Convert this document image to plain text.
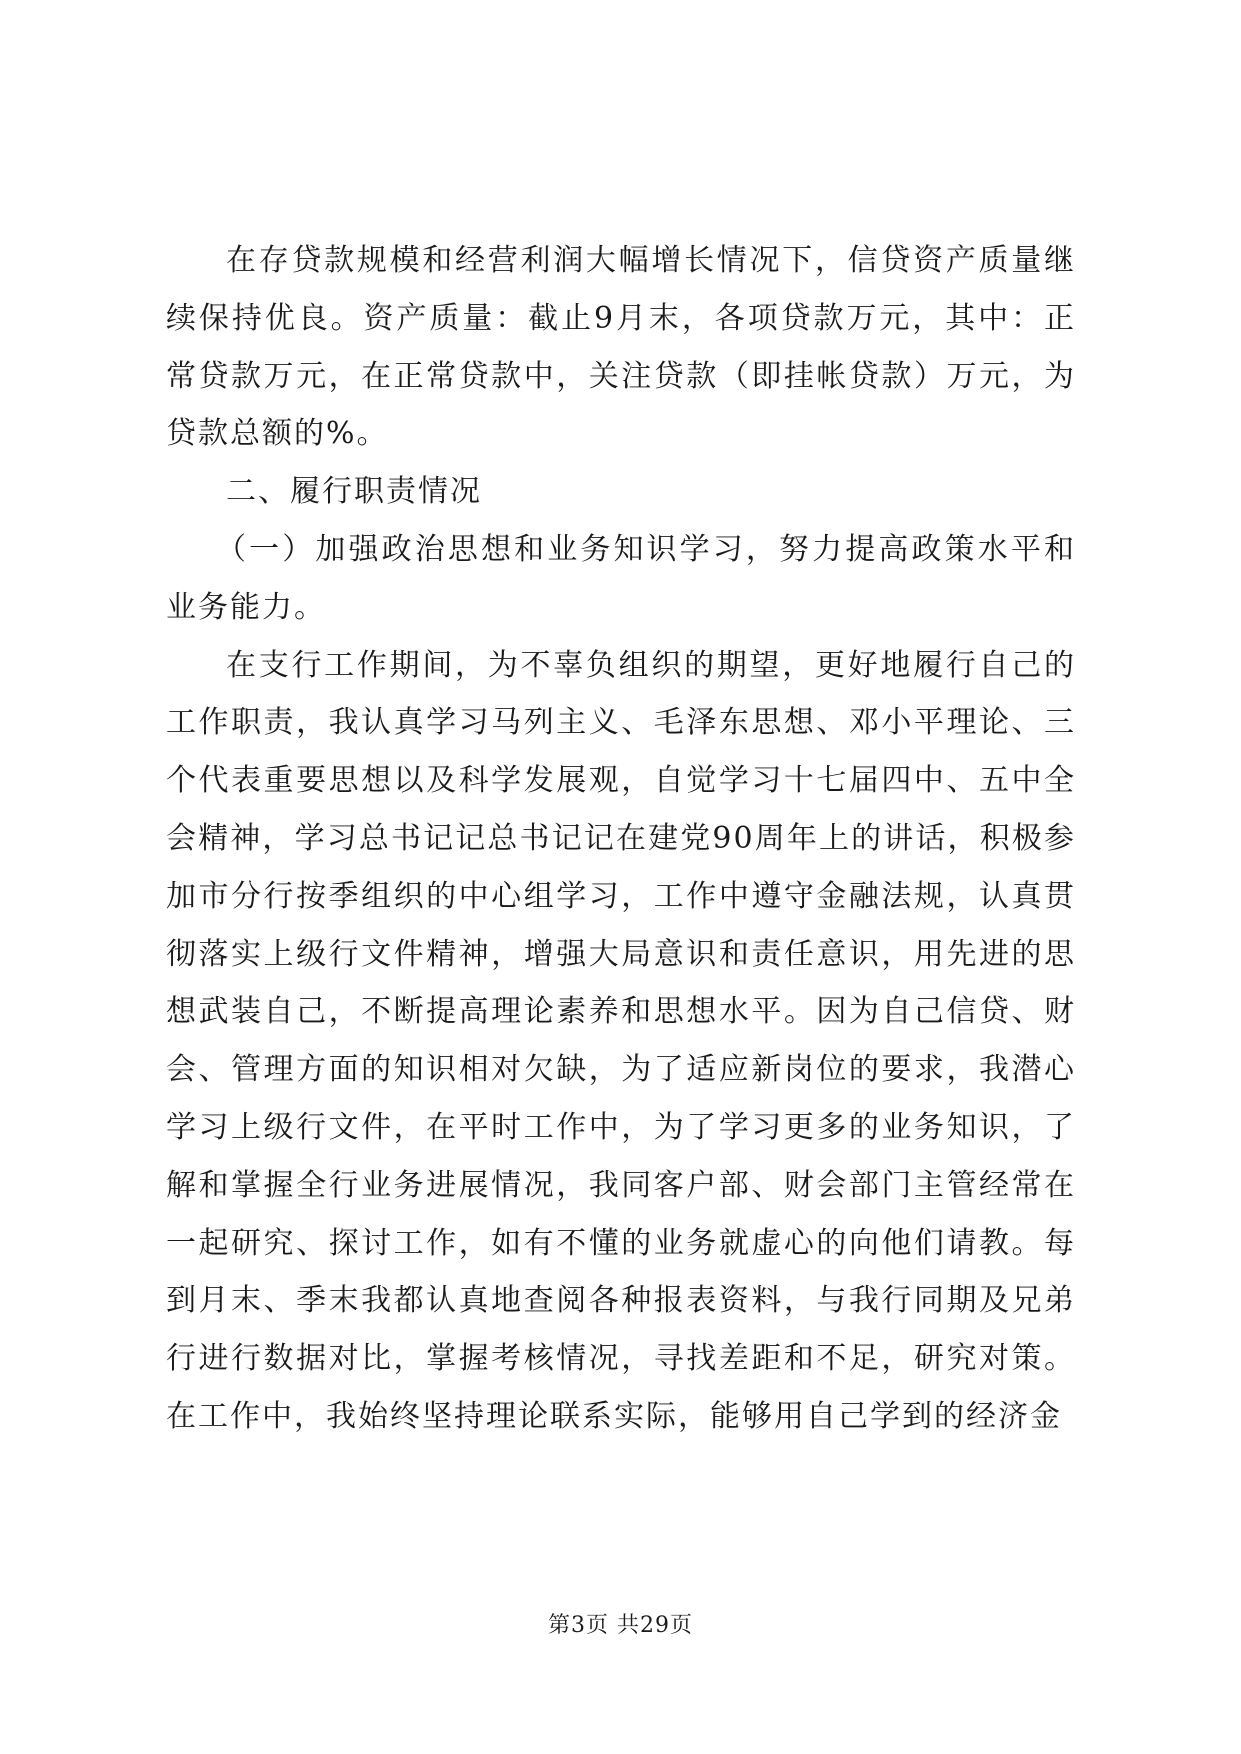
在存贷款规模和经营利润大幅增长情况下，信贷资产质量继续保持优良。资产质量：截止9月末，各项贷款万元，其中：正常贷款万元，在正常贷款中，关注贷款（即挂帐贷款）万元，为贷款总额的%。

二、履行职责情况

（一）加强政治思想和业务知识学习，努力提高政策水平和业务能力。

在支行工作期间，为不辜负组织的期望，更好地履行自己的工作职责，我认真学习马列主义、毛泽东思想、邓小平理论、三个代表重要思想以及科学发展观，自觉学习十七届四中、五中全会精神，学习总书记记总书记记在建党90周年上的讲话，积极参加市分行按季组织的中心组学习，工作中遵守金融法规，认真贯彻落实上级行文件精神，增强大局意识和责任意识，用先进的思想武装自己，不断提高理论素养和思想水平。因为自己信贷、财会、管理方面的知识相对欠缺，为了适应新岗位的要求，我潜心学习上级行文件，在平时工作中，为了学习更多的业务知识，了解和掌握全行业务进展情况，我同客户部、财会部门主管经常在一起研究、探讨工作，如有不懂的业务就虚心的向他们请教。每到月末、季末我都认真地查阅各种报表资料，与我行同期及兄弟行进行数据对比，掌握考核情况，寻找差距和不足，研究对策。在工作中，我始终坚持理论联系实际，能够用自己学到的经济金

第3页 共29页
